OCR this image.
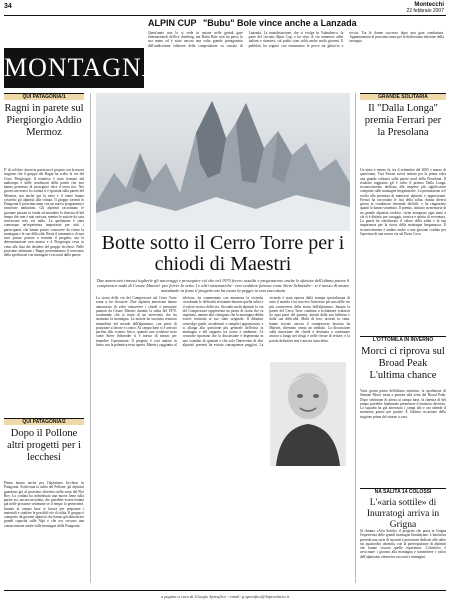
34	Montecchi
22 febbraio 2007
ALPIN CUP "Bubu" Bole vince anche a Lanzada
Quest'anno non lo si vede in azione nelle grandi gare internazionali dell'ice climbing, ma Bubu Bole non ha perso la sua mano ed è stato ancora una volta grande protagonista dell'undicesima edizione della competizione su cascata di Lanzada. La manifestazione, che si svolge in Valmalenco, fa parte del circuito Alpin Cup, e ha visto al via numerosi atleti italiani e stranieri; sul podio sono saliti anche molti giovani. Il pubblico ha seguito con entusiasmo le prove tra ghiaccio e roccia. Tra le donne successo dopo una gara combattuta. Appuntamento al prossimo anno per la dodicesima edizione della rassegna.
MONTAGNA
QUI PATAGONIA/1
Ragni in parete sul Piergiorgio Addio Mermoz
E' di soli due ritorni in patria ma è proprio con la nuova stagione che il gruppo dei Ragni ha scelto la via del Cerro Piergiorgio. Il tentativo è stato fermato dal maltempo e dalle condizioni della parete che non hanno permesso di proseguire oltre il terzo tiro. Nei giorni successivi la cordata si è spostata sulla parete del Mermoz, ma anche qui la neve e il vento hanno costretto gli alpinisti alla ritirata. Il gruppo tornerà in Patagonia il prossimo anno con un nuovo programma e rinnovate ambizioni. Gli alpinisti raccontano le giornate passate in tenda ad attendere la finestra di bel tempo che non è mai arrivata, mentre le notizie da casa arrivavano solo via radio. La spedizione è stata comunque un'esperienza importante per tutti i partecipanti, che hanno potuto conoscere da vicino la montagna e le sue difficoltà. Resta il rammarico di non aver potuto portare a termine il progetto, ma la determinazione non manca e il Piergiorgio resta in cima alla lista dei desideri del gruppo lecchese. Nelle prossime settimane i Ragni presenteranno il resoconto della spedizione con immagini e racconti dalla parete.
QUI PATAGONIA/2
Dopo il Pollone altri progetti per i lecchesi
Primo buono anche per l'alpinismo lecchese in Patagonia. Archiviata la salita del Pollone, gli alpinisti guardano già al prossimo obiettivo nella zona del Fitz Roy. La cordata ha individuato una nuova linea sulla parete est, ancora inviolata, che potrebbe essere tentata già nelle prossime settimane se il tempo lo permetterà. Intanto al campo base si lavora per preparare i materiali e studiare le possibili vie di salita. Il gruppo è composto da giovani alpinisti che hanno già dimostrato grandi capacità sulle Alpi e che ora cercano una consacrazione anche sulle montagne della Patagonia.
Botte sotto il Cerro Torre per i chiodi di Maestri
Due americani rimossi toglierle gli ancoraggi e proseguire ciò che nel 1970 fecero assaliti e progettarono anche le sfuriate dell'ultima parete il compressor nudo di Cesare Maestri. pur ferrer la vetta. I e altri sistematiche - uno scaldore famoso come Steve Schneider - si è messo di mezzo mandando in fumo il progetto ma ha avuto la peggio in una zuccottata
La storia della via del Compressore sul Cerro Torre torna a far discutere. Due alpinisti americani hanno annunciato di voler rimuovere i chiodi a pressione piantati da Cesare Maestri durante la salita del 1970, sostenendo che si tratta di un intervento che ha snaturato la montagna. La notizia ha suscitato reazioni immediate nel mondo dell'alpinismo, con prese di posizione a favore e contro. Al campo base si è arrivati perfino allo scontro fisico, quando uno scalatore noto come Steve Schneider si è messo di mezzo per impedire l'operazione. Il progetto è così andato in fumo, ma la polemica resta aperta. Maestri, raggiunto al telefono, ha commentato con amarezza la vicenda, ricordando le difficoltà affrontate durante quella salita e il valore storico della via. Secondo molti alpinisti la via del Compressore rappresenta un pezzo di storia che va rispettato, mentre altri ritengono che la montagna debba essere restituita al suo stato originale. Il dibattito coinvolge guide, accademici e semplici appassionati, e si allarga alla questione più generale dell'etica in montagna e del rapporto tra uomo e ambiente. Le cronache riportano che la discussione è degenerata in uno scambio di spintoni e che solo l'intervento di altri alpinisti presenti ha evitato conseguenze peggiori. La vicenda è stata ripresa dalla stampa specializzata di tutto il mondo e ha riacceso l'interesse per una delle vie più controverse della storia dell'alpinismo. Intanto la parete del Cerro Torre continua a richiamare scalatori da ogni parte del pianeta, attratti dalla sua bellezza e dalla sua difficoltà. Molti di loro, arrivati in cima, hanno trovato ancora il compressore lasciato da Maestri, diventato ormai un simbolo. La discussione sulla rimozione dei chiodi è destinata a continuare ancora a lungo nei rifugi e nelle riviste di settore, e la parola definitiva non è ancora stata detta.
GRANDE SOLITARIA
Il "Dalla Longa" premia Ferrari per la Presolana
Un anno e mezzo fa, tra il settembre del 2005 e marzo di quest'anno, Yuri Ferrari aveva tentato per la prima volta una grande solitaria sulla parete nord della Presolana. Il risultato raggiunto gli è valso il premio Dalla Longa, riconoscimento dedicato alle imprese più significative compiute sulle montagne bergamasche. La premiazione si è svolta alla presenza di numerosi alpinisti e appassionati. Ferrari ha raccontato le fasi della salita, durata diversi giorni in condizioni invernali difficili, e ha ringraziato quanti lo hanno sostenuto. Il premio, istituito in memoria di un grande alpinista orobico, viene assegnato ogni anno a chi si è distinto per coraggio, tecnica e spirito di avventura. La giuria ha sottolineato il valore della salita e la sua importanza per la storia della montagna bergamasca. Il riconoscimento è andato anche a una giovane cordata per l'apertura di una nuova via sul Pizzo Coca.
L'OTTOMILA IN INVERNO
Morci ci riprova sul Broad Peak L'ultima chance
Varsi giorni prima dell'ultimo tentativo, la spedizione di Simone Morci torna a puntare alla vetta del Broad Peak. Dopo settimane di attesa al campo base, la finestra di bel tempo potrebbe finalmente permettere il tentativo decisivo. La squadra ha già attrezzato i campi alti e ora attende il momento giusto per partire. È l'ultima occasione della stagione prima del ritorno a casa.
NA SALITA 14 COLOSSI
L'«aria sottile» di Inurratogi arriva in Grigna
Si chiama «Aria Sottile» il progetto che porta in Grigna l'esperienza delle grandi montagne himalayane. L'iniziativa prevede una serie di incontri e proiezioni dedicati alle salite sui quattordici ottomila, con la partecipazione di alpinisti che hanno vissuto quelle esperienze. L'obiettivo è avvicinare i giovani alla montagna e trasmettere i valori dell'alpinismo attraverso racconti e immagini.
a pagina a cura di Giorgio Spreafico - email: g.spreafico@laprovincia.it
